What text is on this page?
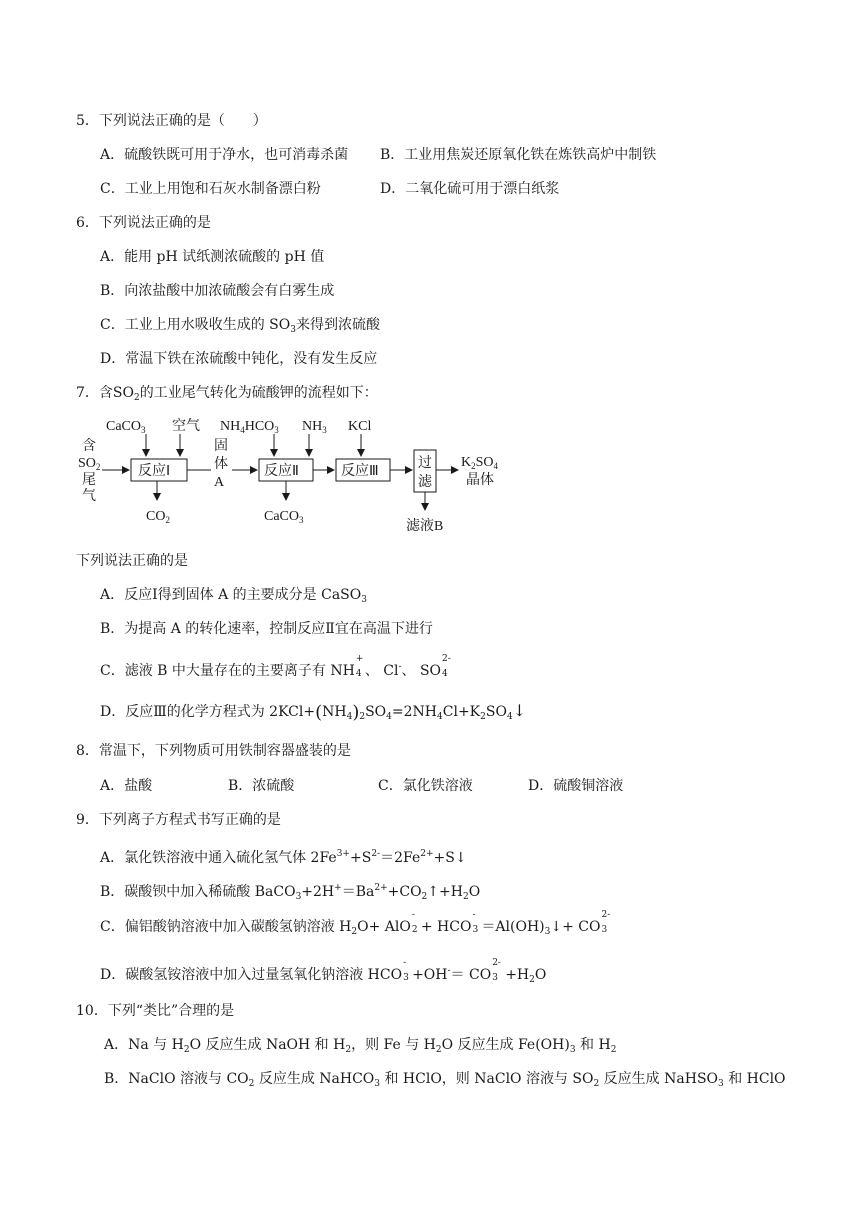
5．下列说法正确的是（　　）
A．硫酸铁既可用于净水，也可消毒杀菌 B．工业用焦炭还原氧化铁在炼铁高炉中制铁
C．工业上用饱和石灰水制备漂白粉	D．二氧化硫可用于漂白纸浆
6．下列说法正确的是
A．能用 pH 试纸测浓硫酸的 pH 值
B．向浓盐酸中加浓硫酸会有白雾生成
C．工业上用水吸收生成的 $SO_3$来得到浓硫酸
D．常温下铁在浓硫酸中钝化，没有发生反应
7．含$SO_2$的工业尾气转化为硫酸钾的流程如下：
含
$SO_2$
尾
气
CaCO$_3$ 空气
反应Ⅰ
$CO_2$
固
体
A
$NH_4HCO_3$ $NH_3$
反应Ⅱ
CaCO$_3$
KCl
反应Ⅲ
过
滤
滤液B
$K_2SO_4$
晶体
下列说法正确的是
A．反应Ⅰ得到固体 A 的主要成分是 CaSO$_3$
B．为提高 A 的转化速率，控制反应Ⅱ宜在高温下进行
C．滤液 B 中大量存在的主要离子有 NH
+
4 、 Cl-、 SO
2-
4
D．反应Ⅲ的化学方程式为 $2KCl+(NH_4)_2SO_4=2NH_4Cl+K_2SO_4↓$
8．常温下，下列物质可用铁制容器盛装的是
A．盐酸	B．浓硫酸	C．氯化铁溶液	D．硫酸铜溶液
9．下列离子方程式书写正确的是
A．氯化铁溶液中通入硫化氢气体 $2Fe^{3+}+S^{2-}=2Fe^{2+}+S↓$
B．碳酸钡中加入稀硫酸 $BaCO_3+2H^+=Ba^{2+}+CO_2↑+H_2O$
C．偏铝酸钠溶液中加入碳酸氢钠溶液 $H_2O+$ AlO
-
2 + HCO
-
$3 =Al(OH)_3↓+$ CO
2-
3
D．碳酸氢铵溶液中加入过量氢氧化钠溶液 HCO
-
3 +OH-＝ CO
2-
$3 +H_2O$
10．下列“类比”合理的是
A．Na 与 $H_2O$ 反应生成 NaOH 和 $H_2$，则 Fe 与 $H_2O$ 反应生成 $Fe(OH)_3$ 和 $H_2$
B．NaClO 溶液与 $CO_2$ 反应生成 NaHCO$_3$ 和 HClO，则 NaClO 溶液与 $SO_2$ 反应生成 NaHSO$_3$ 和 HClO
